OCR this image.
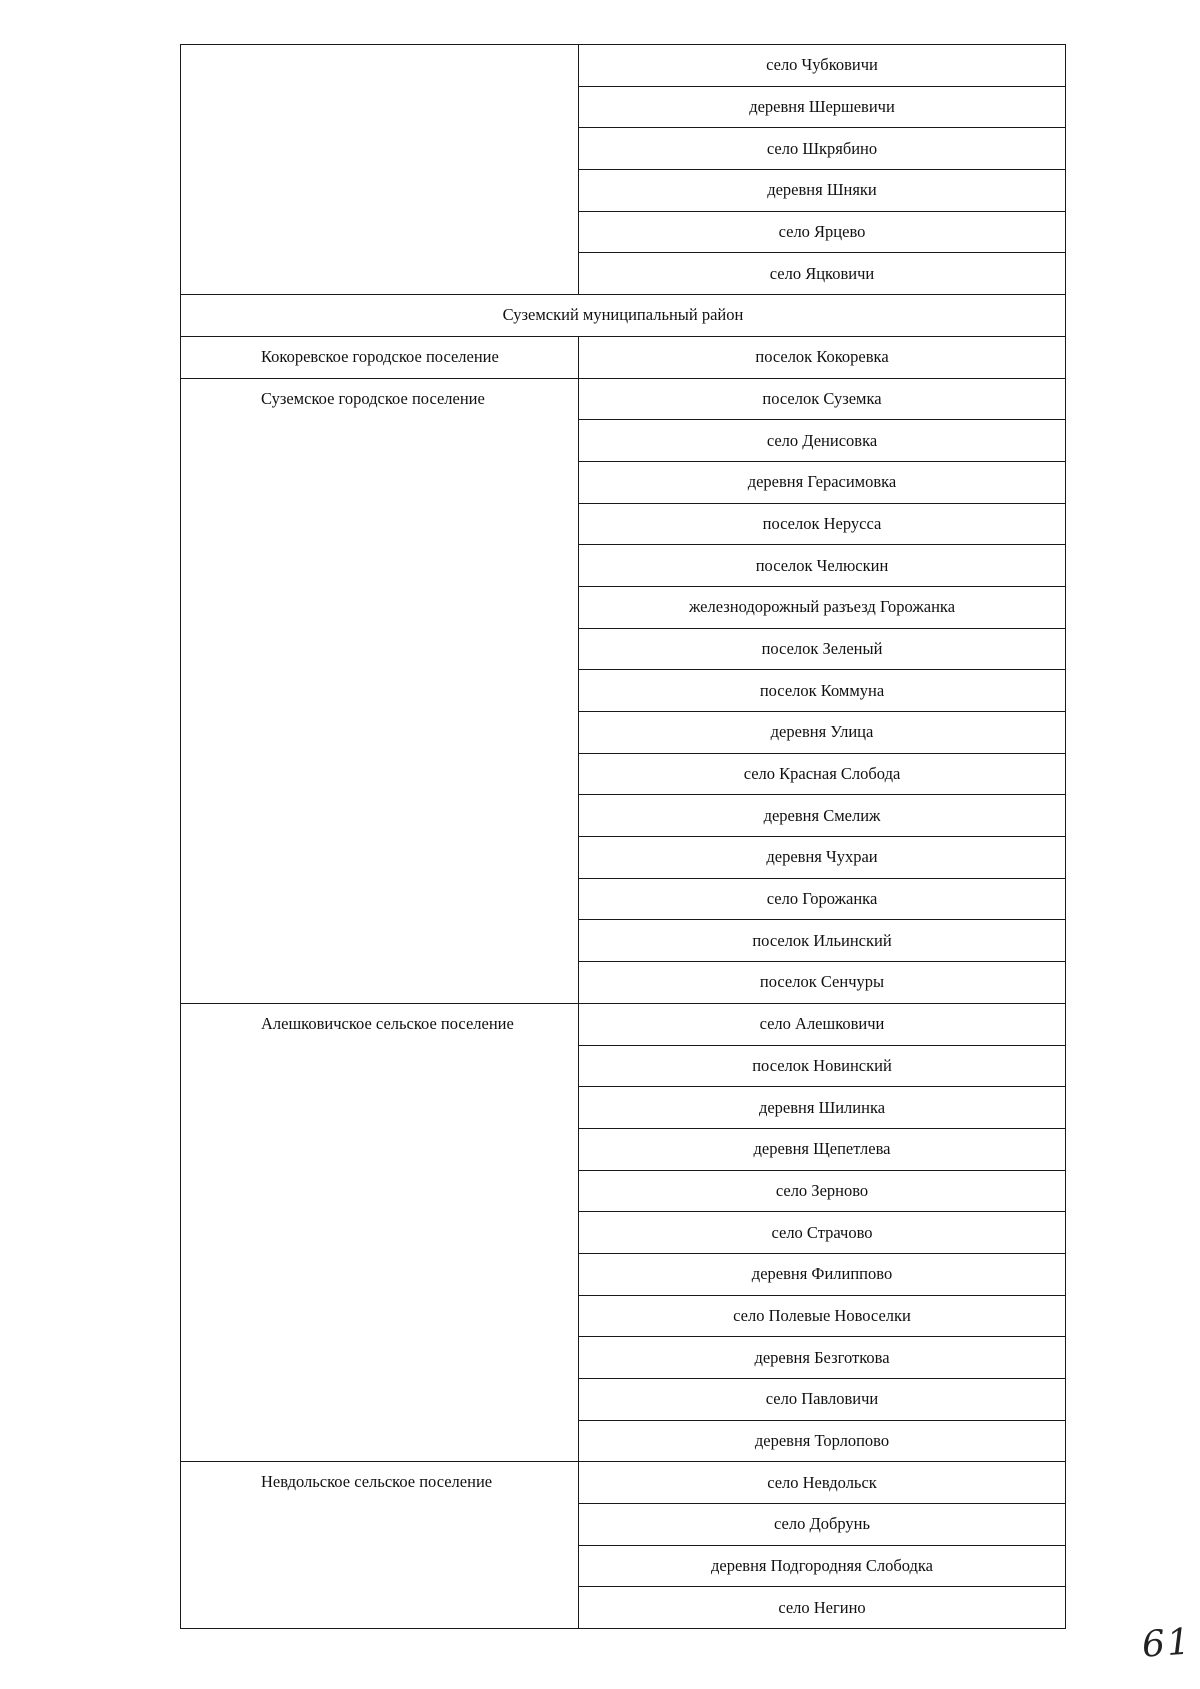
	село Чубковичи
	деревня Шершевичи
	село Шкрябино
	деревня Шняки
	село Ярцево
	село Яцковичи
Суземский муниципальный район	
Кокоревское городское поселение	поселок Кокоревка
Суземское городское поселение	поселок Суземка
	село Денисовка
	деревня Герасимовка
	поселок Нерусса
	поселок Челюскин
	железнодорожный разъезд Горожанка
	поселок Зеленый
	поселок Коммуна
	деревня Улица
	село Красная Слобода
	деревня Смелиж
	деревня Чухраи
	село Горожанка
	поселок Ильинский
	поселок Сенчуры
Алешковичское сельское поселение	село Алешковичи
	поселок Новинский
	деревня Шилинка
	деревня Щепетлева
	село Зерново
	село Страчово
	деревня Филиппово
	село Полевые Новоселки
	деревня Безготкова
	село Павловичи
	деревня Торлопово
Невдольское сельское поселение	село Невдольск
	село Добрунь
	деревня Подгородняя Слободка
	село Негино
61
